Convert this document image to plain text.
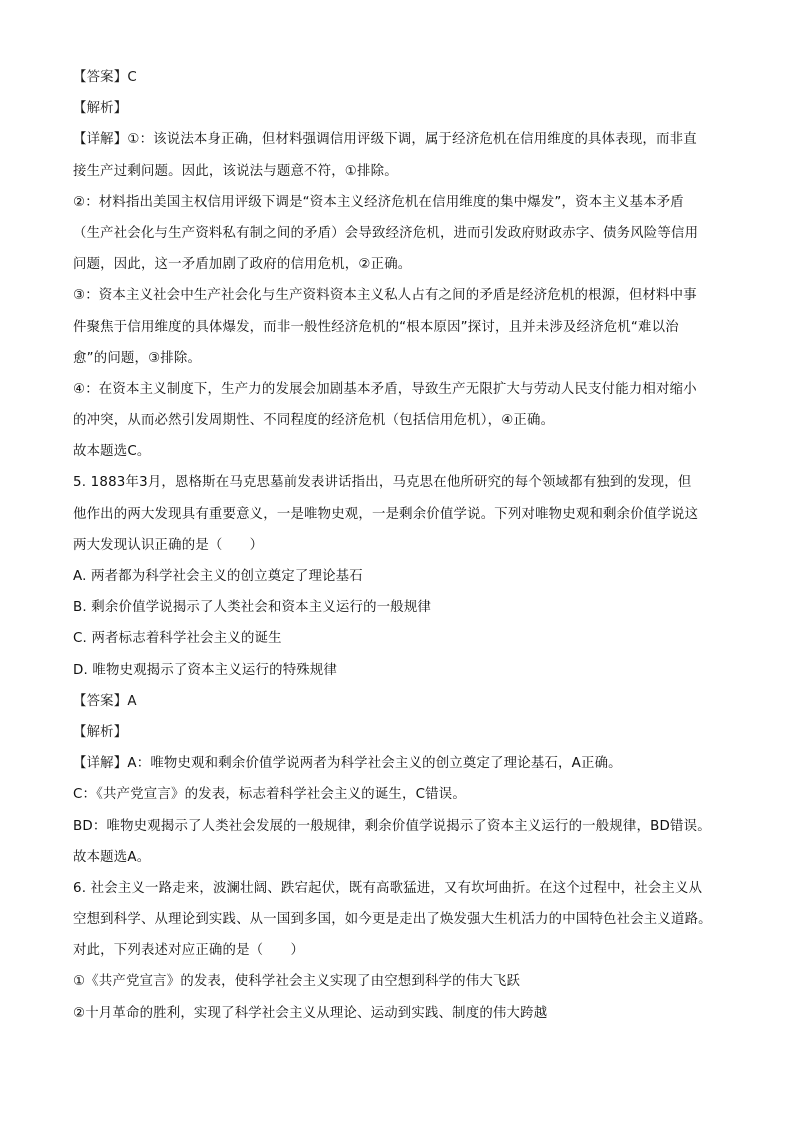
【答案】C
【解析】
【详解】①：该说法本身正确，但材料强调信用评级下调，属于经济危机在信用维度的具体表现，而非直
接生产过剩问题。因此，该说法与题意不符，①排除。
②：材料指出美国主权信用评级下调是“资本主义经济危机在信用维度的集中爆发”，资本主义基本矛盾
（生产社会化与生产资料私有制之间的矛盾）会导致经济危机，进而引发政府财政赤字、债务风险等信用
问题，因此，这一矛盾加剧了政府的信用危机，②正确。
③：资本主义社会中生产社会化与生产资料资本主义私人占有之间的矛盾是经济危机的根源，但材料中事
件聚焦于信用维度的具体爆发，而非一般性经济危机的“根本原因”探讨，且并未涉及经济危机“难以治
愈”的问题，③排除。
④：在资本主义制度下，生产力的发展会加剧基本矛盾，导致生产无限扩大与劳动人民支付能力相对缩小
的冲突，从而必然引发周期性、不同程度的经济危机（包括信用危机），④正确。
故本题选C。
5. 1883年3月，恩格斯在马克思墓前发表讲话指出，马克思在他所研究的每个领域都有独到的发现，但
他作出的两大发现具有重要意义，一是唯物史观，一是剩余价值学说。下列对唯物史观和剩余价值学说这
两大发现认识正确的是（　　）
A. 两者都为科学社会主义的创立奠定了理论基石
B. 剩余价值学说揭示了人类社会和资本主义运行的一般规律
C. 两者标志着科学社会主义的诞生
D. 唯物史观揭示了资本主义运行的特殊规律
【答案】A
【解析】
【详解】A：唯物史观和剩余价值学说两者为科学社会主义的创立奠定了理论基石，A正确。
C：《共产党宣言》的发表，标志着科学社会主义的诞生，C错误。
BD：唯物史观揭示了人类社会发展的一般规律，剩余价值学说揭示了资本主义运行的一般规律，BD错误。
故本题选A。
6. 社会主义一路走来，波澜壮阔、跌宕起伏，既有高歌猛进，又有坎坷曲折。在这个过程中，社会主义从
空想到科学、从理论到实践、从一国到多国，如今更是走出了焕发强大生机活力的中国特色社会主义道路。
对此，下列表述对应正确的是（　　）
①《共产党宣言》的发表，使科学社会主义实现了由空想到科学的伟大飞跃
②十月革命的胜利，实现了科学社会主义从理论、运动到实践、制度的伟大跨越
